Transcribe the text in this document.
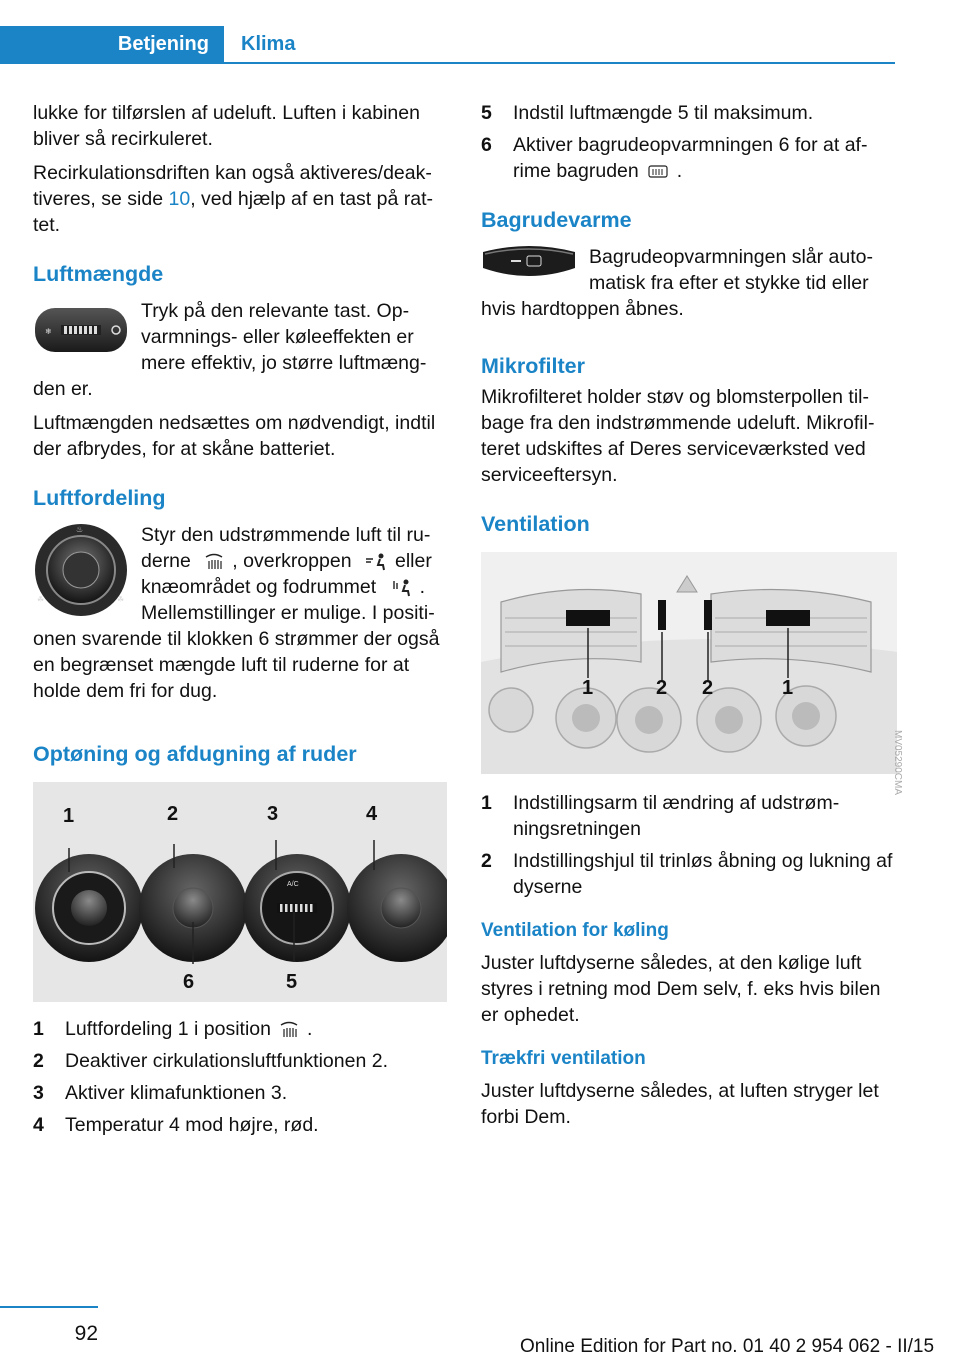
Betjening Klima

lukke for tilførslen af udeluft. Luften i kabinen bliver så recirkuleret.

Recirkulationsdriften kan også aktiveres/deaktiveres, se side 10, ved hjælp af en tast på rattet.

Luftmængde
❄

Tryk på den relevante tast. Opvarmnings- eller køleeffekten er mere effektiv, jo større luftmængden er.

Luftmængden nedsættes om nødvendigt, indtil der afbrydes, for at skåne batteriet.

Luftfordeling
♨
☘	☘

Styr den udstrømmende luft til ruderne , overkroppen eller knæområdet og fodrummet . Mellemstillinger er mulige. I positionen svarende til klokken 6 strømmer der også en begrænset mængde luft til ruderne for at holde dem fri for dug.

Optøning og afdugning af ruder
A/C
1	2	3	4
6	5
1 Luftfordeling 1 i position .
2 Deaktiver cirkulationsluftfunktionen 2.
3 Aktiver klimafunktionen 3.
4 Temperatur 4 mod højre, rød.
5 Indstil luftmængde 5 til maksimum.
6 Aktiver bagrudeopvarmningen 6 for at afrime bagruden .
Bagrudevarme

Bagrudeopvarmningen slår automatisk fra efter et stykke tid eller hvis hardtoppen åbnes.

Mikrofilter

Mikrofilteret holder støv og blomsterpollen tilbage fra den indstrømmende udeluft. Mikrofilteret udskiftes af Deres serviceværksted ved serviceeftersyn.

Ventilation
1	2 2	1
1 Indstillingsarm til ændring af udstrømningsretningen
2 Indstillingshjul til trinløs åbning og lukning af dyserne
Ventilation for køling

Juster luftdyserne således, at den kølige luft styres i retning mod Dem selv, f. eks hvis bilen er ophedet.

Trækfri ventilation

Juster luftdyserne således, at luften stryger let forbi Dem.

MV05290CMA
92
Online Edition for Part no. 01 40 2 954 062 - II/15
